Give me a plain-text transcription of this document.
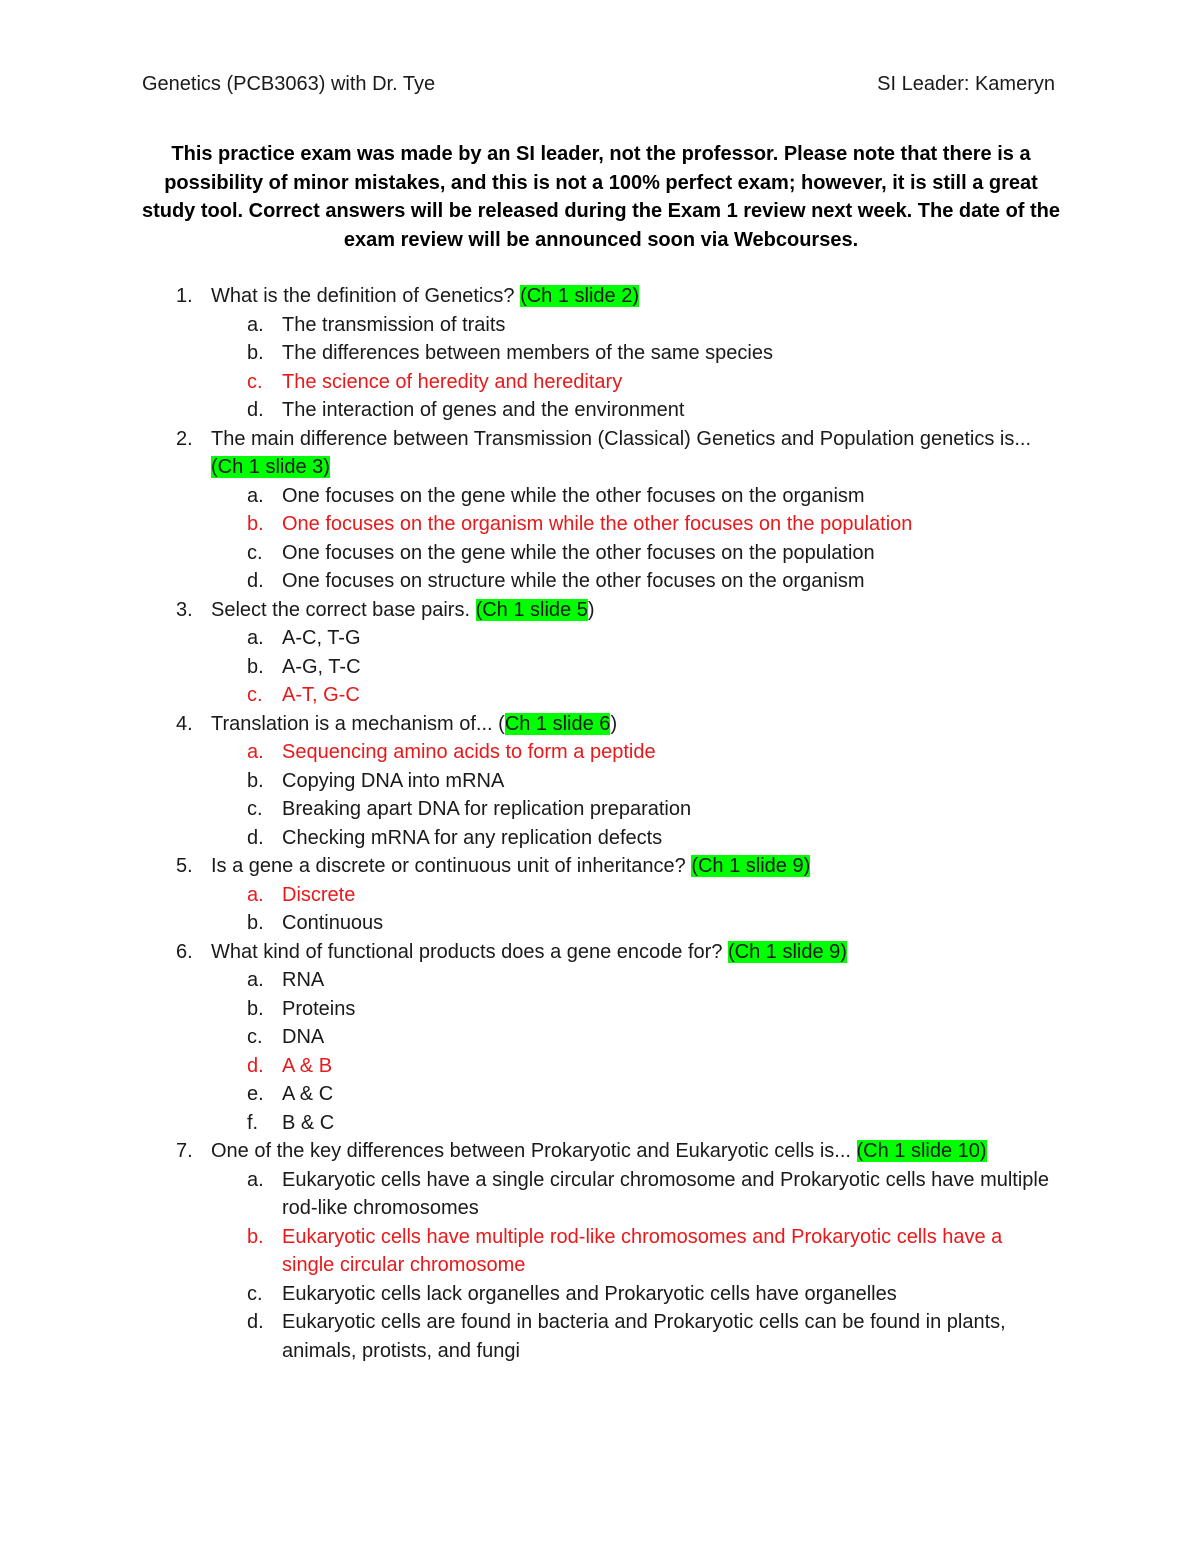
Genetics (PCB3063) with Dr. Tye	SI Leader: Kameryn
This practice exam was made by an SI leader, not the professor. Please note that there is a possibility of minor mistakes, and this is not a 100% perfect exam; however, it is still a great study tool. Correct answers will be released during the Exam 1 review next week. The date of the exam review will be announced soon via Webcourses.
1. What is the definition of Genetics? (Ch 1 slide 2)
a. The transmission of traits
b. The differences between members of the same species
c. The science of heredity and hereditary
d. The interaction of genes and the environment
2. The main difference between Transmission (Classical) Genetics and Population genetics is... (Ch 1 slide 3)
a. One focuses on the gene while the other focuses on the organism
b. One focuses on the organism while the other focuses on the population
c. One focuses on the gene while the other focuses on the population
d. One focuses on structure while the other focuses on the organism
3. Select the correct base pairs. (Ch 1 slide 5)
a. A-C, T-G
b. A-G, T-C
c. A-T, G-C
4. Translation is a mechanism of... (Ch 1 slide 6)
a. Sequencing amino acids to form a peptide
b. Copying DNA into mRNA
c. Breaking apart DNA for replication preparation
d. Checking mRNA for any replication defects
5. Is a gene a discrete or continuous unit of inheritance? (Ch 1 slide 9)
a. Discrete
b. Continuous
6. What kind of functional products does a gene encode for? (Ch 1 slide 9)
a. RNA
b. Proteins
c. DNA
d. A & B
e. A & C
f. B & C
7. One of the key differences between Prokaryotic and Eukaryotic cells is... (Ch 1 slide 10)
a. Eukaryotic cells have a single circular chromosome and Prokaryotic cells have multiple rod-like chromosomes
b. Eukaryotic cells have multiple rod-like chromosomes and Prokaryotic cells have a single circular chromosome
c. Eukaryotic cells lack organelles and Prokaryotic cells have organelles
d. Eukaryotic cells are found in bacteria and Prokaryotic cells can be found in plants, animals, protists, and fungi
